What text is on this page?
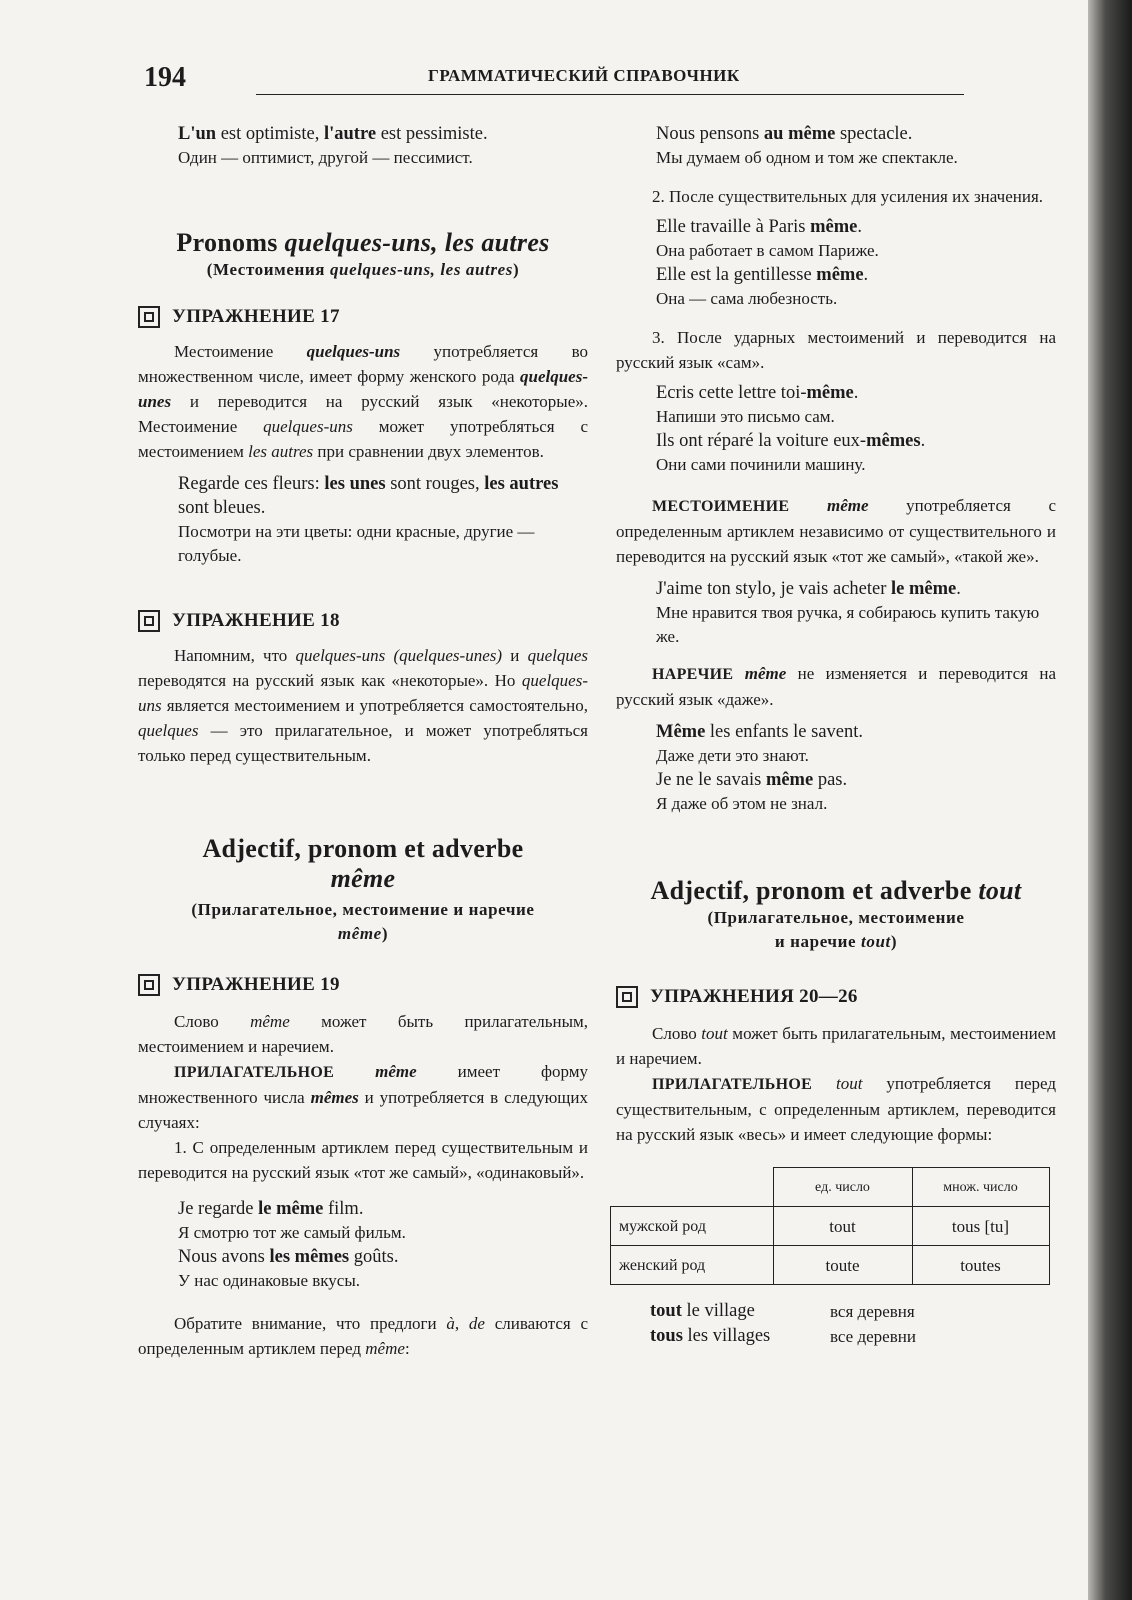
194	ГРАММАТИЧЕСКИЙ СПРАВОЧНИК

L'un est optimiste, l'autre est pessimiste.

Один — оптимист, другой — пессимист.

Pronoms quelques-uns, les autres
(Местоимения quelques-uns, les autres)
УПРАЖНЕНИЕ 17

Местоимение quelques-uns употребляется во множественном числе, имеет форму женского рода quelques-unes и переводится на русский язык «некоторые». Местоимение quelques-uns может употребляться с местоимением les autres при сравнении двух элементов.

Regarde ces fleurs: les unes sont rouges, les autres sont bleues.

Посмотри на эти цветы: одни красные, другие — голубые.

УПРАЖНЕНИЕ 18

Напомним, что quelques-uns (quelques-unes) и quelques переводятся на русский язык как «некоторые». Но quelques-uns является местоимением и употребляется самостоятельно, quelques — это прилагательное, и может употребляться только перед существительным.

Adjectif, pronom et adverbe
même
(Прилагательное, местоимение и наречие
même)
УПРАЖНЕНИЕ 19

Слово même может быть прилагательным, местоимением и наречием.

ПРИЛАГАТЕЛЬНОЕ même имеет форму множественного числа mêmes и употребляется в следующих случаях:

1. С определенным артиклем перед существительным и переводится на русский язык «тот же самый», «одинаковый».

Je regarde le même film.

Я смотрю тот же самый фильм.

Nous avons les mêmes goûts.

У нас одинаковые вкусы.

Обратите внимание, что предлоги à, de сливаются с определенным артиклем перед même:

Nous pensons au même spectacle.

Мы думаем об одном и том же спектакле.

2. После существительных для усиления их значения.

Elle travaille à Paris même.

Она работает в самом Париже.

Elle est la gentillesse même.

Она — сама любезность.

3. После ударных местоимений и переводится на русский язык «сам».

Ecris cette lettre toi-même.

Напиши это письмо сам.

Ils ont réparé la voiture eux-mêmes.

Они сами починили машину.

МЕСТОИМЕНИЕ même употребляется с определенным артиклем независимо от существительного и переводится на русский язык «тот же самый», «такой же».

J'aime ton stylo, je vais acheter le même.

Мне нравится твоя ручка, я собираюсь купить такую же.

НАРЕЧИЕ même не изменяется и переводится на русский язык «даже».

Même les enfants le savent.

Даже дети это знают.

Je ne le savais même pas.

Я даже об этом не знал.

Adjectif, pronom et adverbe tout
(Прилагательное, местоимение
и наречие tout)
УПРАЖНЕНИЯ 20—26

Слово tout может быть прилагательным, местоимением и наречием.

ПРИЛАГАТЕЛЬНОЕ tout употребляется перед существительным, с определенным артиклем, переводится на русский язык «весь» и имеет следующие формы:

	ед. число	множ. число
мужской род	tout	tous [tu]
женский род	toute	toutes
tout le village	вся деревня
tous les villages	все деревни
